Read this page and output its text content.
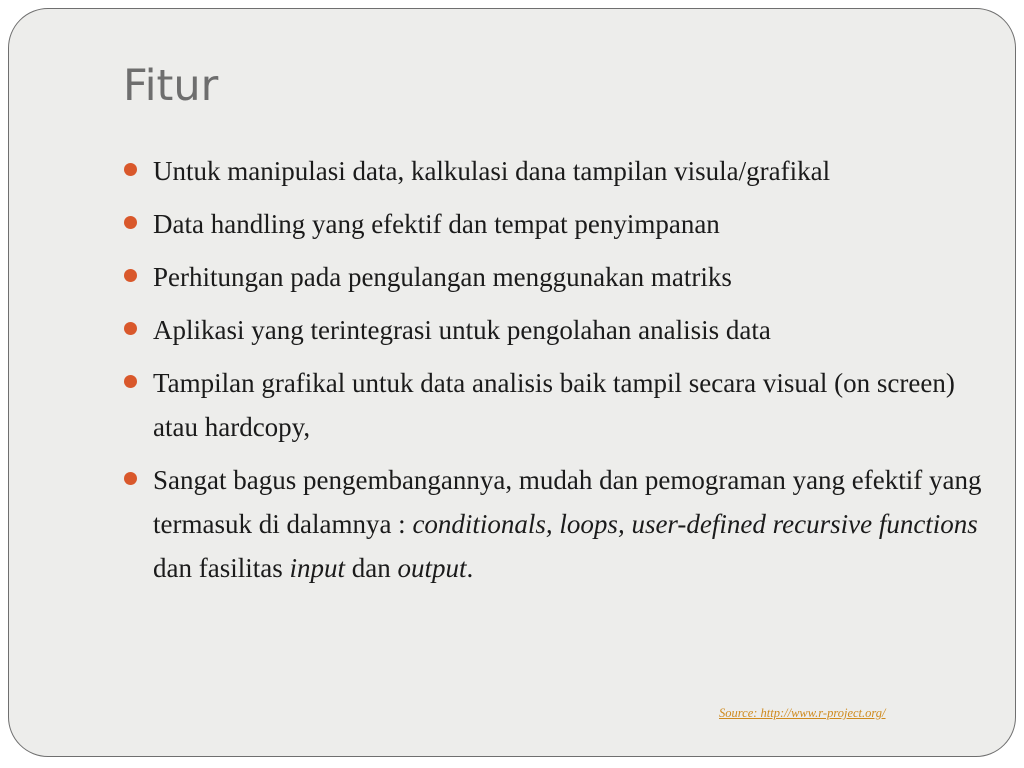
Fitur
Untuk manipulasi data, kalkulasi dana tampilan visula/grafikal
Data handling yang efektif dan tempat penyimpanan
Perhitungan pada pengulangan menggunakan matriks
Aplikasi yang terintegrasi untuk pengolahan analisis data
Tampilan grafikal untuk data analisis baik tampil secara visual (on screen) atau hardcopy,
Sangat bagus pengembangannya, mudah dan pemograman yang efektif yang termasuk di dalamnya : conditionals, loops, user-defined recursive functions dan fasilitas input dan output.
Source: http://www.r-project.org/
